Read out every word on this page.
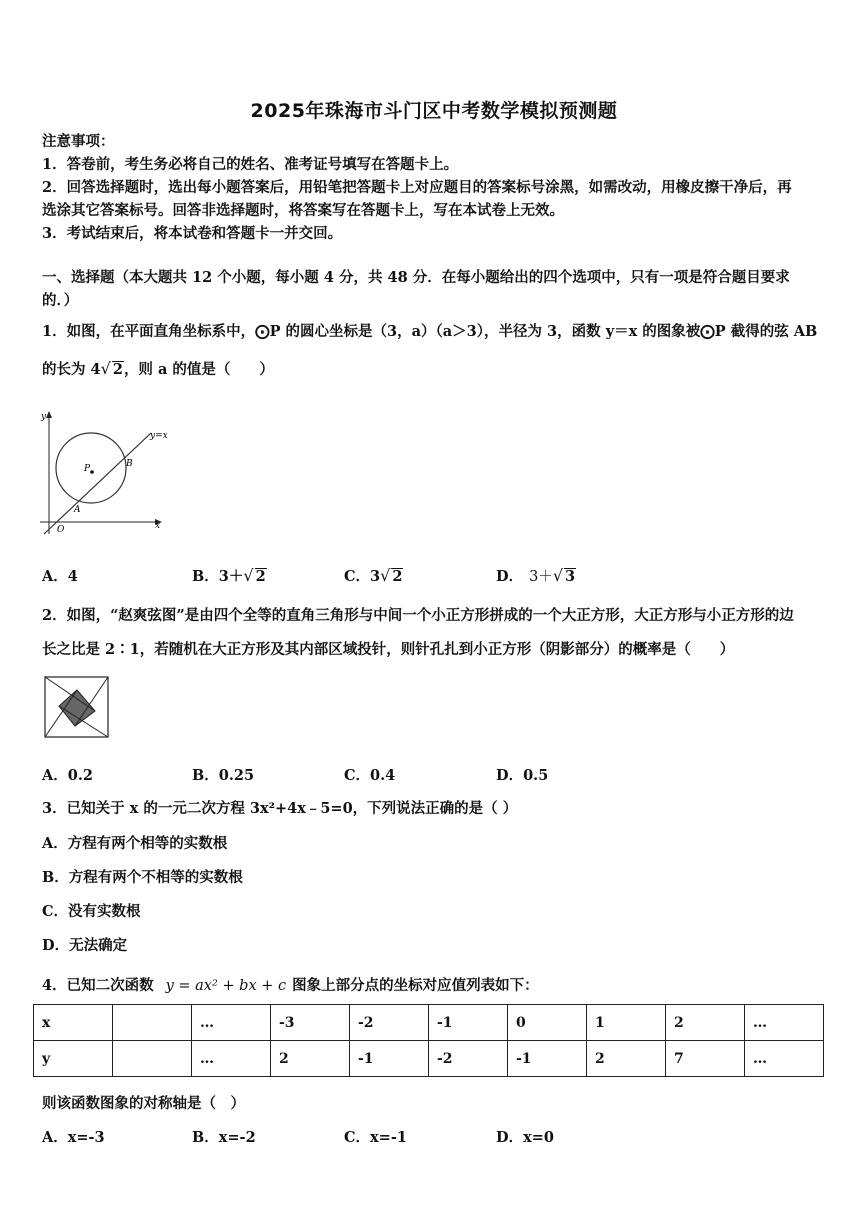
2025年珠海市斗门区中考数学模拟预测题
注意事项：
1．答卷前，考生务必将自己的姓名、准考证号填写在答题卡上。
2．回答选择题时，选出每小题答案后，用铅笔把答题卡上对应题目的答案标号涂黑，如需改动，用橡皮擦干净后，再
选涂其它答案标号。回答非选择题时，将答案写在答题卡上，写在本试卷上无效。
3．考试结束后，将本试卷和答题卡一并交回。
一、选择题（本大题共 12 个小题，每小题 4 分，共 48 分．在每小题给出的四个选项中，只有一项是符合题目要求
的．）
1．如图，在平面直角坐标系中，⨀P 的圆心坐标是（3，a）（a＞3），半径为 3，函数 y＝x 的图象被⨀P 截得的弦 AB
的长为 4√ 2，则 a 的值是（　　）
y
x
O
y=x
P
A
B
A．4	B．3＋√ 2	C．3√ 2	D． 3＋√ 3
2．如图，“赵爽弦图”是由四个全等的直角三角形与中间一个小正方形拼成的一个大正方形，大正方形与小正方形的边
长之比是 2∶1，若随机在大正方形及其内部区域投针，则针孔扎到小正方形（阴影部分）的概率是（　　）
A．0.2	B．0.25	C．0.4	D．0.5
3．已知关于 x 的一元二次方程 3x²+4x﹣5=0，下列说法正确的是（ ）
A．方程有两个相等的实数根
B．方程有两个不相等的实数根
C．没有实数根
D．无法确定
4．已知二次函数 y = ax² + bx + c 图象上部分点的坐标对应值列表如下：
x		…	-3	-2	-1	0	1	2	…
y		…	2	-1	-2	-1	2	7	…
则该函数图象的对称轴是（　）
A．x=-3	B．x=-2	C．x=-1	D．x=0
